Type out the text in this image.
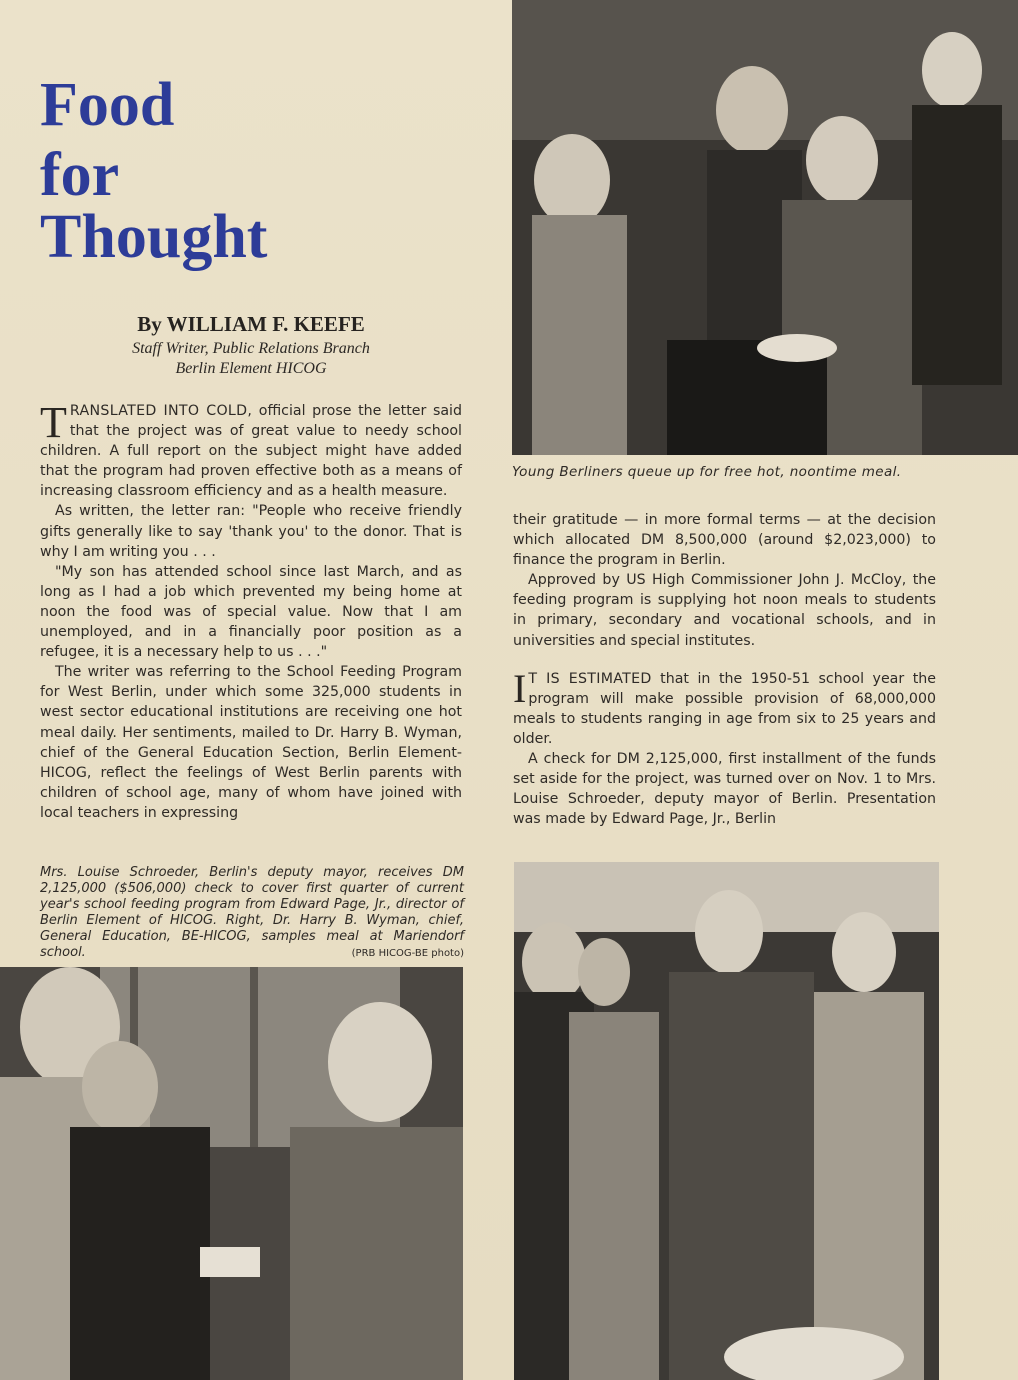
Food
for
Thought
By WILLIAM F. KEEFE
Staff Writer, Public Relations Branch
Berlin Element HICOG

TRANSLATED INTO COLD, official prose the letter said that the project was of great value to needy school children. A full report on the subject might have added that the program had proven effective both as a means of increasing classroom efficiency and as a health measure.

As written, the letter ran: "People who receive friendly gifts generally like to say 'thank you' to the donor. That is why I am writing you . . .

"My son has attended school since last March, and as long as I had a job which prevented my being home at noon the food was of special value. Now that I am unemployed, and in a financially poor position as a refugee, it is a necessary help to us . . ."

The writer was referring to the School Feeding Program for West Berlin, under which some 325,000 students in west sector educational institutions are receiving one hot meal daily. Her sentiments, mailed to Dr. Harry B. Wyman, chief of the General Education Section, Berlin Element-HICOG, reflect the feelings of West Berlin parents with children of school age, many of whom have joined with local teachers in expressing

Young Berliners queue up for free hot, noontime meal.

their gratitude — in more formal terms — at the decision which allocated DM 8,500,000 (around $2,023,000) to finance the program in Berlin.

Approved by US High Commissioner John J. McCloy, the feeding program is supplying hot noon meals to students in primary, secondary and vocational schools, and in universities and special institutes.

I T IS ESTIMATED that in the 1950-51 school year the program will make possible provision of 68,000,000 meals to students ranging in age from six to 25 years and older.

A check for DM 2,125,000, first installment of the funds set aside for the project, was turned over on Nov. 1 to Mrs. Louise Schroeder, deputy mayor of Berlin. Presentation was made by Edward Page, Jr., Berlin

Mrs. Louise Schroeder, Berlin's deputy mayor, receives DM 2,125,000 ($506,000) check to cover first quarter of current year's school feeding program from Edward Page, Jr., director of Berlin Element of HICOG. Right, Dr. Harry B. Wyman, chief, General Education, BE-HICOG, samples meal at Mariendorf school.	(PRB HICOG-BE photo)
